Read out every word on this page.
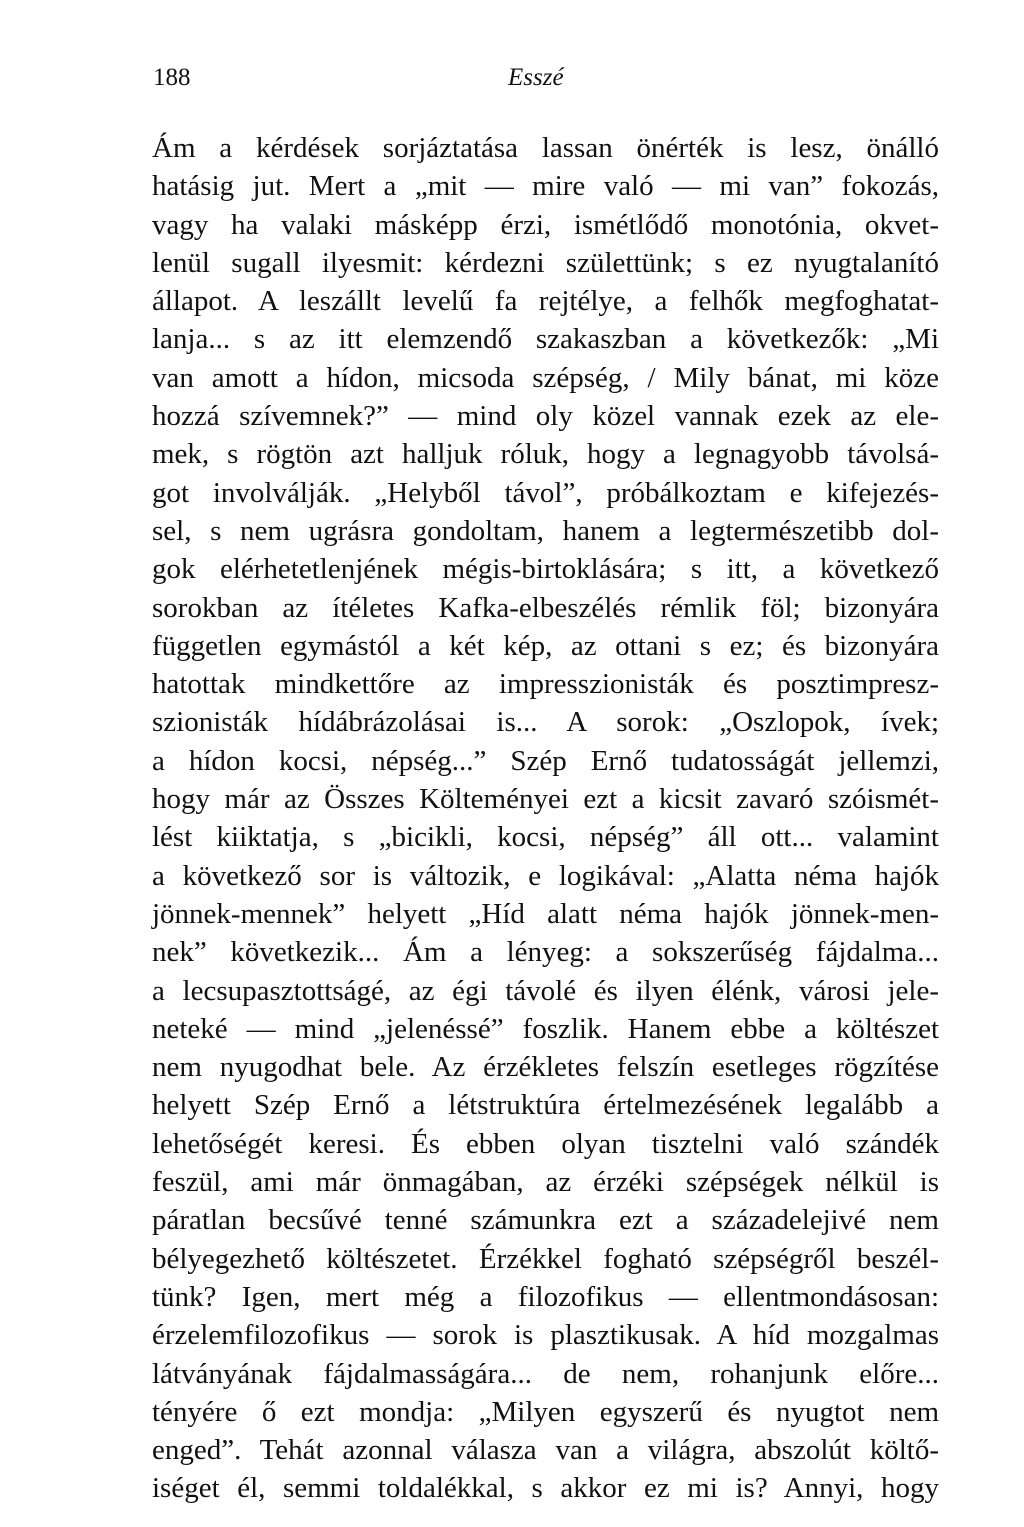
188	Esszé
Ám a kérdések sorjáztatása lassan önérték is lesz, önálló
hatásig jut. Mert a „mit — mire való — mi van” fokozás,
vagy ha valaki másképp érzi, ismétlődő monotónia, okvet-
lenül sugall ilyesmit: kérdezni születtünk; s ez nyugtalanító
állapot. A leszállt levelű fa rejtélye, a felhők megfoghatat-
lanja... s az itt elemzendő szakaszban a következők: „Mi
van amott a hídon, micsoda szépség, / Mily bánat, mi köze
hozzá szívemnek?” — mind oly közel vannak ezek az ele-
mek, s rögtön azt halljuk róluk, hogy a legnagyobb távolsá-
got involválják. „Helyből távol”, próbálkoztam e kifejezés-
sel, s nem ugrásra gondoltam, hanem a legtermészetibb dol-
gok elérhetetlenjének mégis-birtoklására; s itt, a következő
sorokban az ítéletes Kafka-elbeszélés rémlik föl; bizonyára
független egymástól a két kép, az ottani s ez; és bizonyára
hatottak mindkettőre az impresszionisták és posztimpresz-
szionisták hídábrázolásai is... A sorok: „Oszlopok, ívek;
a hídon kocsi, népség...” Szép Ernő tudatosságát jellemzi,
hogy már az Összes Költeményei ezt a kicsit zavaró szóismét-
lést kiiktatja, s „bicikli, kocsi, népség” áll ott... valamint
a következő sor is változik, e logikával: „Alatta néma hajók
jönnek-mennek” helyett „Híd alatt néma hajók jönnek-men-
nek” következik... Ám a lényeg: a sokszerűség fájdalma...
a lecsupasztottságé, az égi távolé és ilyen élénk, városi jele-
neteké — mind „jelenéssé” foszlik. Hanem ebbe a költészet
nem nyugodhat bele. Az érzékletes felszín esetleges rögzítése
helyett Szép Ernő a létstruktúra értelmezésének legalább a
lehetőségét keresi. És ebben olyan tisztelni való szándék
feszül, ami már önmagában, az érzéki szépségek nélkül is
páratlan becsűvé tenné számunkra ezt a századelejivé nem
bélyegezhető költészetet. Érzékkel fogható szépségről beszél-
tünk? Igen, mert még a filozofikus — ellentmondásosan:
érzelemfilozofikus — sorok is plasztikusak. A híd mozgalmas
látványának fájdalmasságára... de nem, rohanjunk előre...
tényére ő ezt mondja: „Milyen egyszerű és nyugtot nem
enged”. Tehát azonnal válasza van a világra, abszolút költő-
iséget él, semmi toldalékkal, s akkor ez mi is? Annyi, hogy
